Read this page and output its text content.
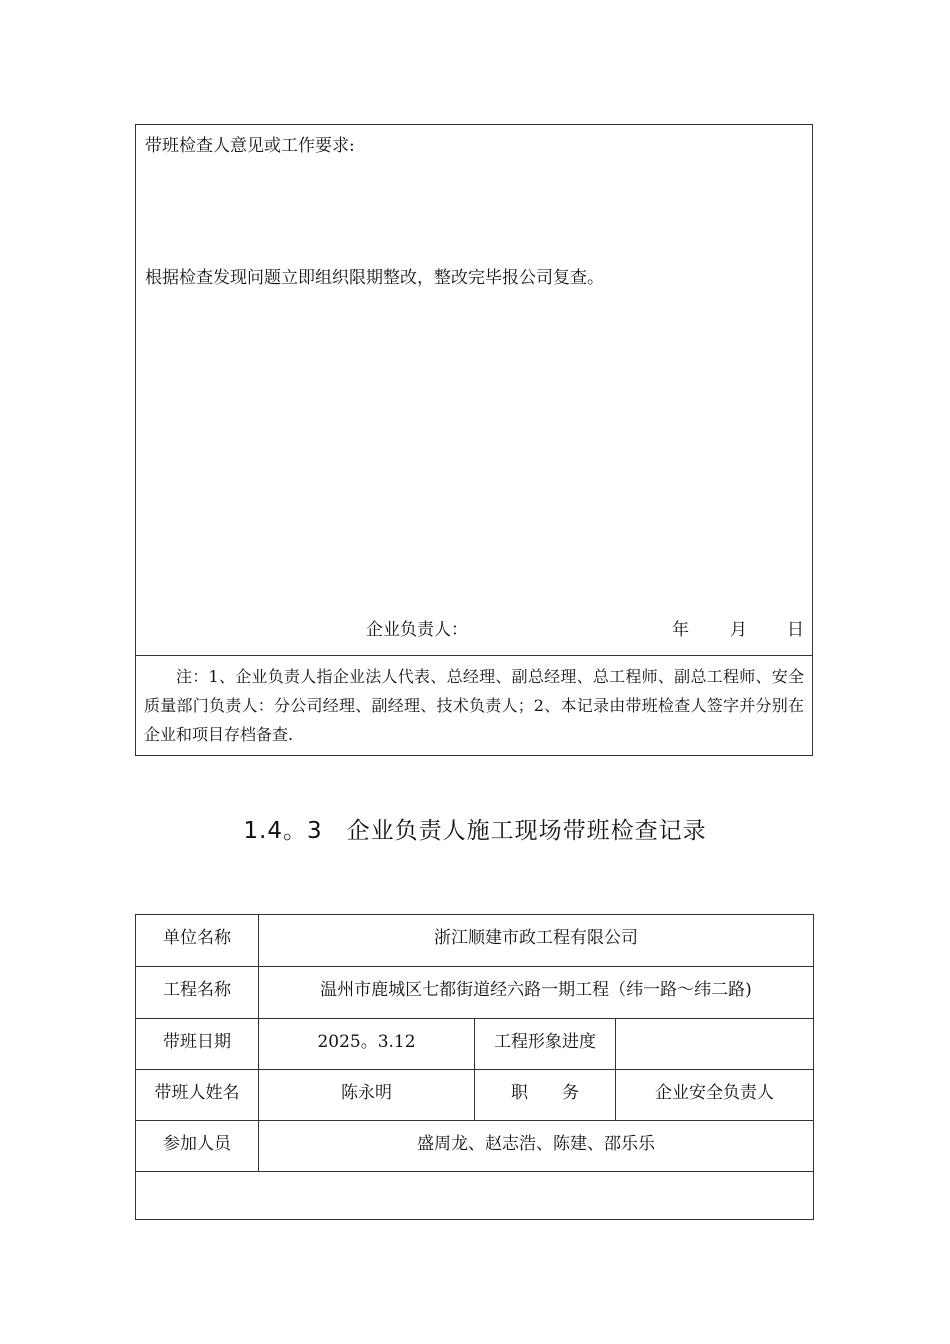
带班检查人意见或工作要求:
根据检查发现问题立即组织限期整改，整改完毕报公司复查。
企业负责人：	年 月 日
注：1、企业负责人指企业法人代表、总经理、副总经理、总工程师、副总工程师、安全质量部门负责人：分公司经理、副经理、技术负责人；2、本记录由带班检查人签字并分别在企业和项目存档备查.
1.4。3　企业负责人施工现场带班检查记录
单位名称	浙江顺建市政工程有限公司		
工程名称	温州市鹿城区七都街道经六路一期工程（纬一路～纬二路)		
带班日期	2025。3.12	工程形象进度	
带班人姓名	陈永明	职　　务	企业安全负责人
参加人员	盛周龙、赵志浩、陈建、邵乐乐		
